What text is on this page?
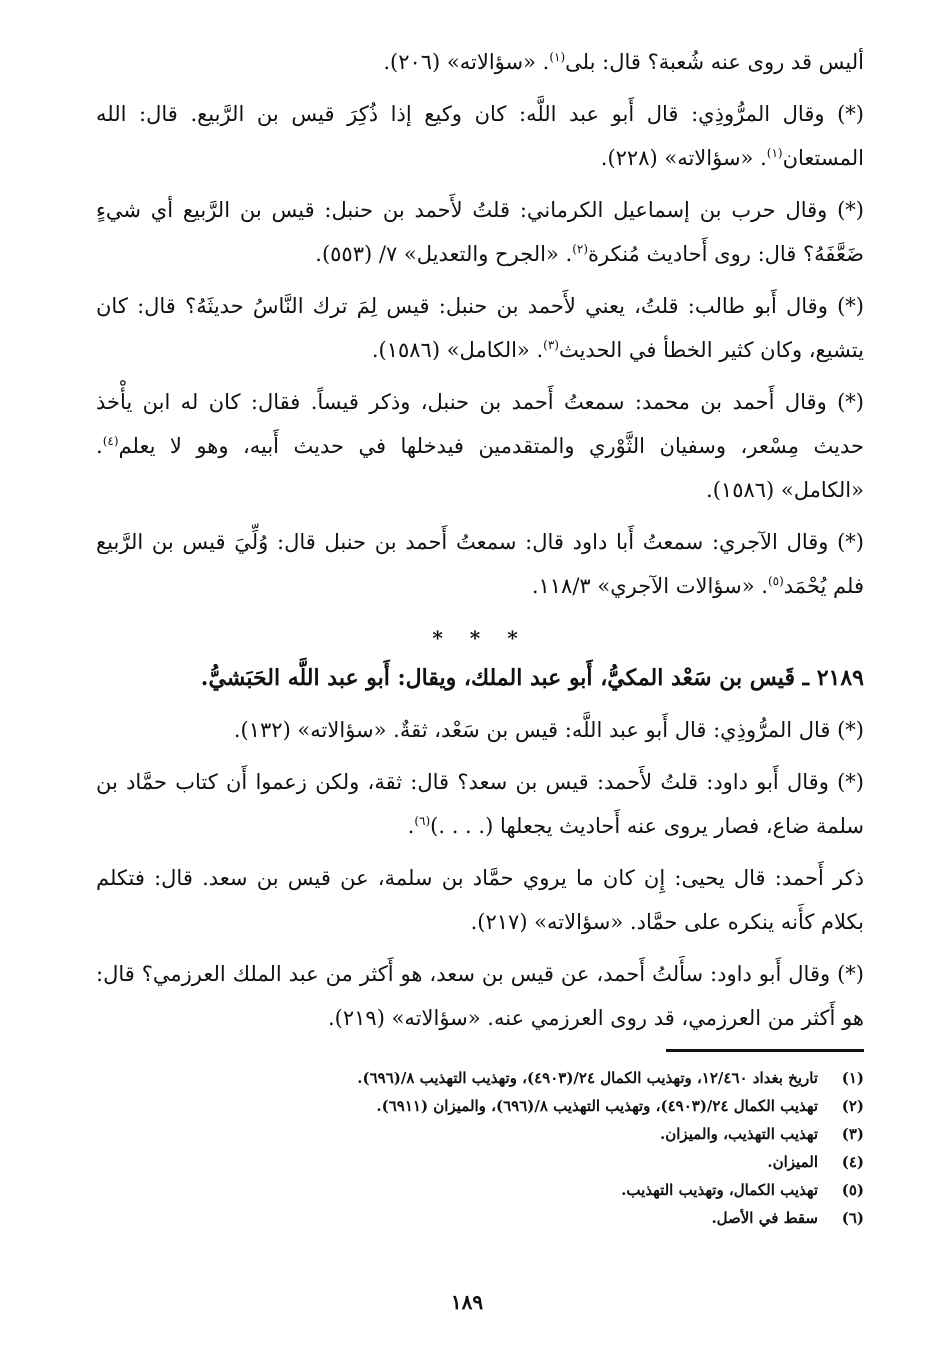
أليس قد روى عنه شُعبة؟ قال: بلى$^{(١)}$. «سؤالاته» (٢٠٦).

(*) وقال المرُّوذِي: قال أَبو عبد اللَّه: كان وكيع إذا ذُكِرَ قيس بن الرَّبيع. قال: الله المستعان$^{(١)}$. «سؤالاته» (٢٢٨).

(*) وقال حرب بن إسماعيل الكرماني: قلتُ لأَحمد بن حنبل: قيس بن الرَّبيع أي شيءٍ ضَعَّفَهُ؟ قال: روى أَحاديث مُنكرة$^{(٢)}$. «الجرح والتعديل» ٧/ (٥٥٣).

(*) وقال أَبو طالب: قلتُ، يعني لأَحمد بن حنبل: قيس لِمَ ترك النَّاسُ حديثَهُ؟ قال: كان يتشيع، وكان كثير الخطأ في الحديث$^{(٣)}$. «الكامل» (١٥٨٦).

(*) وقال أَحمد بن محمد: سمعتُ أَحمد بن حنبل، وذكر قيساً. فقال: كان له ابن يأْخذ حديث مِسْعر، وسفيان الثَّوْري والمتقدمين فيدخلها في حديث أَبيه، وهو لا يعلم$^{(٤)}$. «الكامل» (١٥٨٦).

(*) وقال الآجري: سمعتُ أَبا داود قال: سمعتُ أَحمد بن حنبل قال: وُلِّيَ قيس بن الرَّبيع فلم يُحْمَد$^{(٥)}$. «سؤالات الآجري» ١١٨/٣.

* * *
٢١٨٩ ـ قَيس بن سَعْد المكيُّ، أَبو عبد الملك، ويقال: أَبو عبد اللَّه الحَبَشيُّ.

(*) قال المرُّوذِي: قال أَبو عبد اللَّه: قيس بن سَعْد، ثقةٌ. «سؤالاته» (١٣٢).

(*) وقال أَبو داود: قلتُ لأَحمد: قيس بن سعد؟ قال: ثقة، ولكن زعموا أَن كتاب حمَّاد بن سلمة ضاع، فصار يروى عنه أَحاديث يجعلها (. . . .)$^{(٦)}$.

ذكر أَحمد: قال يحيى: إِن كان ما يروي حمَّاد بن سلمة، عن قيس بن سعد. قال: فتكلم بكلام كأَنه ينكره على حمَّاد. «سؤالاته» (٢١٧).

(*) وقال أَبو داود: سأَلتُ أَحمد، عن قيس بن سعد، هو أَكثر من عبد الملك العرزمي؟ قال: هو أَكثر من العرزمي، قد روى العرزمي عنه. «سؤالاته» (٢١٩).

(١)
تاريخ بغداد ١٢/٤٦٠، وتهذيب الكمال ٢٤/(٤٩٠٣)، وتهذيب التهذيب ٨/(٦٩٦).
(٢)
تهذيب الكمال ٢٤/(٤٩٠٣)، وتهذيب التهذيب ٨/(٦٩٦)، والميزان (٦٩١١).
(٣)
تهذيب التهذيب، والميزان.
(٤)
الميزان.
(٥)
تهذيب الكمال، وتهذيب التهذيب.
(٦)
سقط في الأصل.
١٨٩
